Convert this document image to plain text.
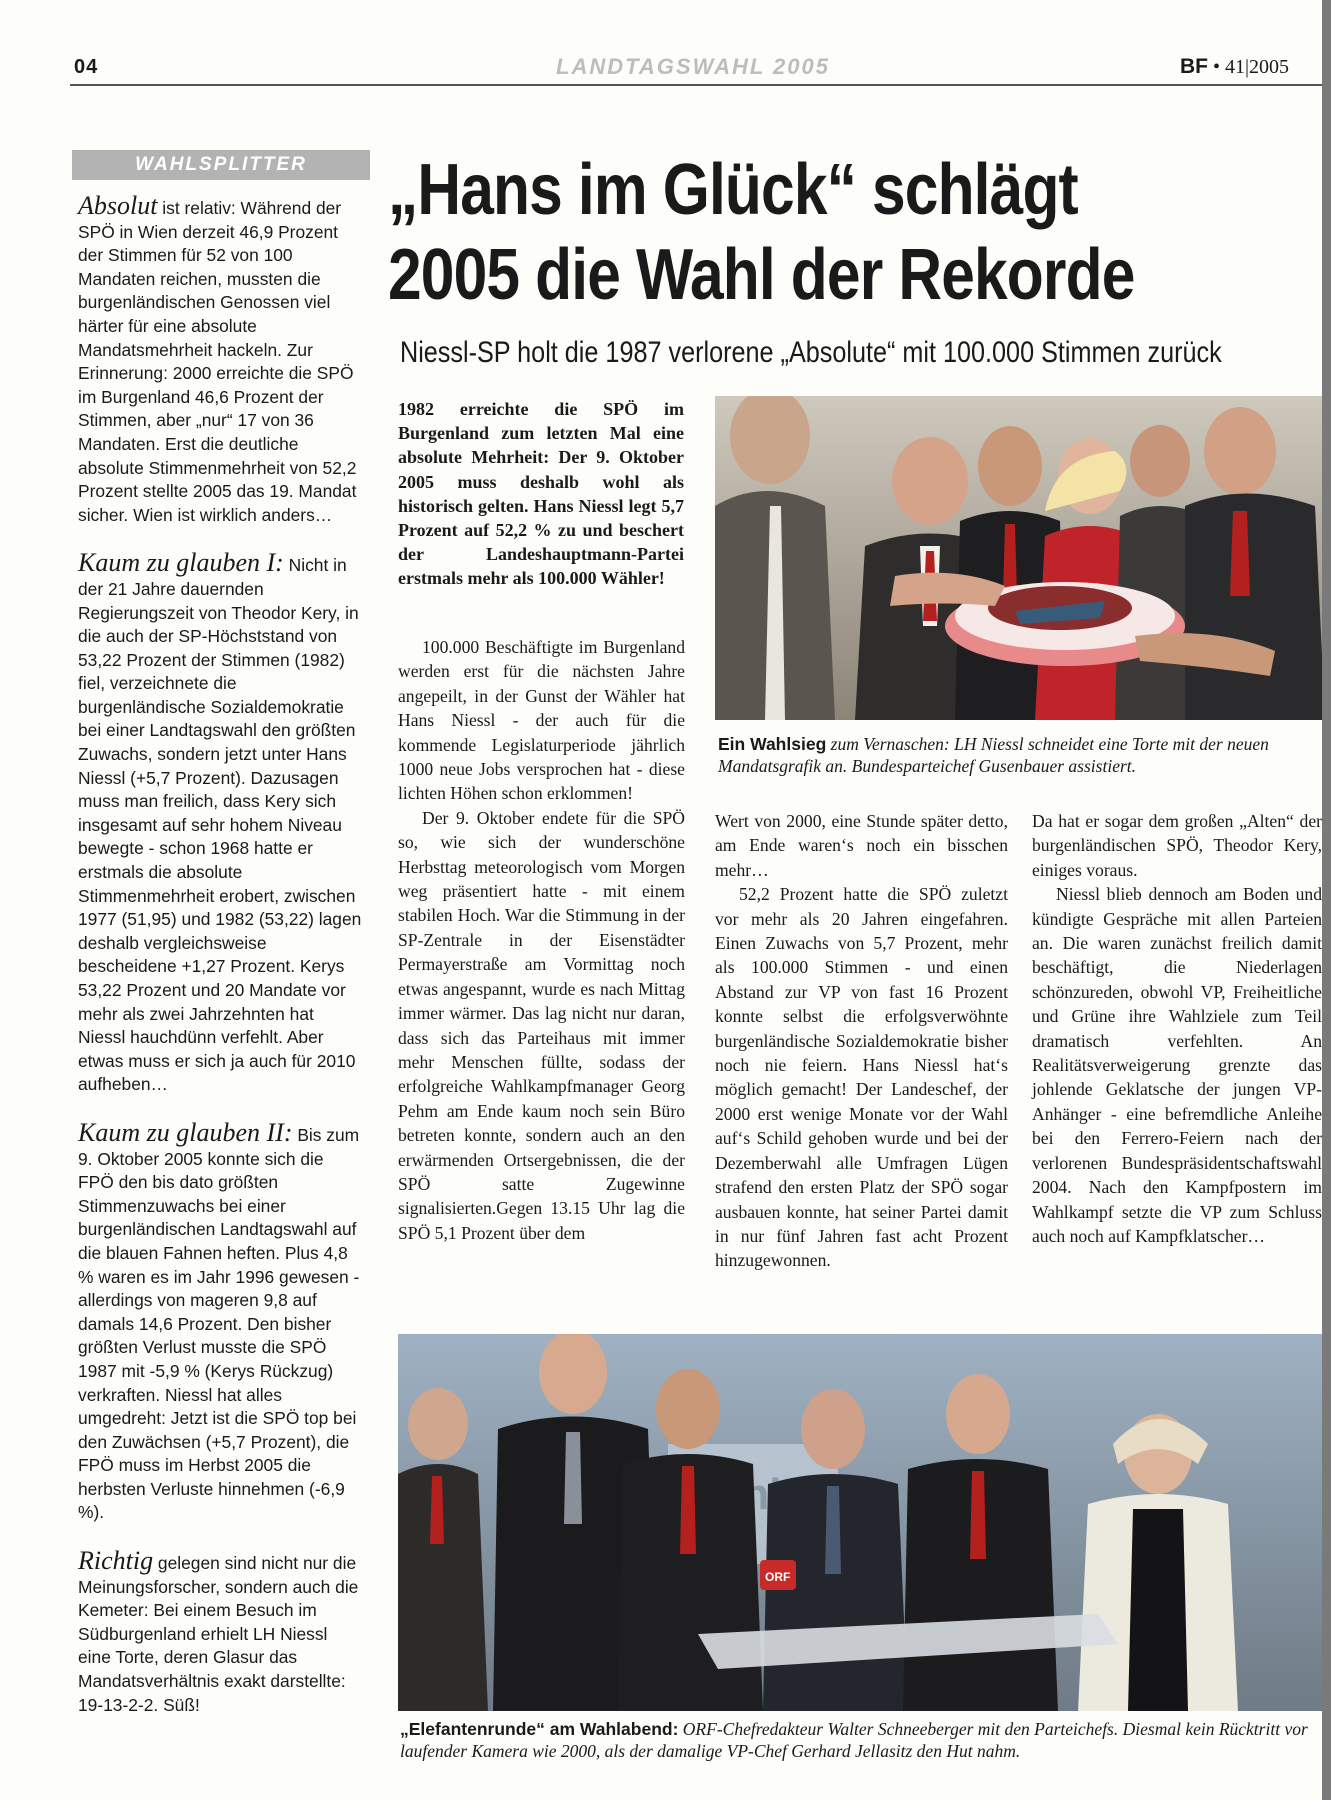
04	LANDTAGSWAHL 2005	BF • 41|2005
WAHLSPLITTER

Absolut ist relativ: Während der SPÖ in Wien derzeit 46,9 Prozent der Stimmen für 52 von 100 Mandaten reichen, mussten die burgenländischen Genossen viel härter für eine absolute Mandatsmehrheit hackeln. Zur Erinnerung: 2000 erreichte die SPÖ im Burgenland 46,6 Prozent der Stimmen, aber „nur“ 17 von 36 Mandaten. Erst die deutliche absolute Stimmenmehrheit von 52,2 Prozent stellte 2005 das 19. Mandat sicher. Wien ist wirklich anders…

Kaum zu glauben I: Nicht in der 21 Jahre dauernden Regierungszeit von Theodor Kery, in die auch der SP-Höchststand von 53,22 Prozent der Stimmen (1982) fiel, verzeichnete die burgenländische Sozialdemokratie bei einer Landtagswahl den größten Zuwachs, sondern jetzt unter Hans Niessl (+5,7 Prozent). Dazusagen muss man freilich, dass Kery sich insgesamt auf sehr hohem Niveau bewegte - schon 1968 hatte er erstmals die absolute Stimmenmehrheit erobert, zwischen 1977 (51,95) und 1982 (53,22) lagen deshalb vergleichsweise bescheidene +1,27 Prozent. Kerys 53,22 Prozent und 20 Mandate vor mehr als zwei Jahrzehnten hat Niessl hauchdünn verfehlt. Aber etwas muss er sich ja auch für 2010 aufheben…

Kaum zu glauben II: Bis zum 9. Oktober 2005 konnte sich die FPÖ den bis dato größten Stimmenzuwachs bei einer burgenländischen Landtagswahl auf die blauen Fahnen heften. Plus 4,8 % waren es im Jahr 1996 gewesen - allerdings von mageren 9,8 auf damals 14,6 Prozent. Den bisher größten Verlust musste die SPÖ 1987 mit -5,9 % (Kerys Rückzug) verkraften. Niessl hat alles umgedreht: Jetzt ist die SPÖ top bei den Zuwächsen (+5,7 Prozent), die FPÖ muss im Herbst 2005 die herbsten Verluste hinnehmen (-6,9 %).

Richtig gelegen sind nicht nur die Meinungsforscher, sondern auch die Kemeter: Bei einem Besuch im Südburgenland erhielt LH Niessl eine Torte, deren Glasur das Mandatsverhältnis exakt darstellte: 19-13-2-2. Süß!

„Hans im Glück“ schlägt
2005 die Wahl der Rekorde
Niessl-SP holt die 1987 verlorene „Absolute“ mit 100.000 Stimmen zurück
1982 erreichte die SPÖ im Burgenland zum letzten Mal eine absolute Mehrheit: Der 9. Oktober 2005 muss deshalb wohl als historisch gelten. Hans Niessl legt 5,7 Prozent auf 52,2 % zu und beschert der Landeshauptmann-Partei erstmals mehr als 100.000 Wähler!

100.000 Beschäftigte im Burgenland werden erst für die nächsten Jahre angepeilt, in der Gunst der Wähler hat Hans Niessl - der auch für die kommende Legislaturperiode jährlich 1000 neue Jobs versprochen hat - diese lichten Höhen schon erklommen!

Der 9. Oktober endete für die SPÖ so, wie sich der wunderschöne Herbsttag meteorologisch vom Morgen weg präsentiert hatte - mit einem stabilen Hoch. War die Stimmung in der SP-Zentrale in der Eisenstädter Permayerstraße am Vormittag noch etwas angespannt, wurde es nach Mittag immer wärmer. Das lag nicht nur daran, dass sich das Parteihaus mit immer mehr Menschen füllte, sodass der erfolgreiche Wahlkampfmanager Georg Pehm am Ende kaum noch sein Büro betreten konnte, sondern auch an den erwärmenden Ortsergebnissen, die der SPÖ satte Zugewinne signalisierten.Gegen 13.15 Uhr lag die SPÖ 5,1 Prozent über dem

Wert von 2000, eine Stunde später detto, am Ende waren‘s noch ein bisschen mehr…

52,2 Prozent hatte die SPÖ zuletzt vor mehr als 20 Jahren eingefahren. Einen Zuwachs von 5,7 Prozent, mehr als 100.000 Stimmen - und einen Abstand zur VP von fast 16 Prozent konnte selbst die erfolgsverwöhnte burgenländische Sozialdemokratie bisher noch nie feiern. Hans Niessl hat‘s möglich gemacht! Der Landeschef, der 2000 erst wenige Monate vor der Wahl auf‘s Schild gehoben wurde und bei der Dezemberwahl alle Umfragen Lügen strafend den ersten Platz der SPÖ sogar ausbauen konnte, hat seiner Partei damit in nur fünf Jahren fast acht Prozent hinzugewonnen.

Da hat er sogar dem großen „Alten“ der burgenländischen SPÖ, Theodor Kery, einiges voraus.

Niessl blieb dennoch am Boden und kündigte Gespräche mit allen Parteien an. Die waren zunächst freilich damit beschäftigt, die Niederlagen schönzureden, obwohl VP, Freiheitliche und Grüne ihre Wahlziele zum Teil dramatisch verfehlten. An Realitätsverweigerung grenzte das johlende Geklatsche der jungen VP-Anhänger - eine befremdliche Anleihe bei den Ferrero-Feiern nach der verlorenen Bundespräsidentschaftswahl 2004. Nach den Kampfpostern im Wahlkampf setzte die VP zum Schluss auch noch auf Kampfklatscher…

Ein Wahlsieg zum Vernaschen: LH Niessl schneidet eine Torte mit der neuen Mandatsgrafik an. Bundesparteichef Gusenbauer assistiert.
ORF
„Elefantenrunde“ am Wahlabend: ORF-Chefredakteur Walter Schneeberger mit den Parteichefs. Diesmal kein Rücktritt vor laufender Kamera wie 2000, als der damalige VP-Chef Gerhard Jellasitz den Hut nahm.
